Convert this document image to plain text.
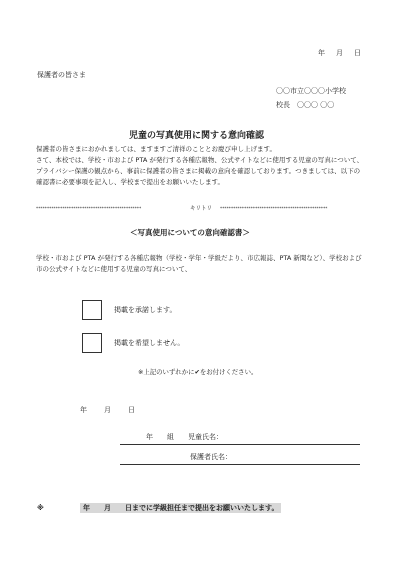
年　月　日
保護者の皆さま
〇〇市立〇〇〇小学校
校長　〇〇〇 〇〇
児童の写真使用に関する意向確認
保護者の皆さまにおかれましては、ますますご清祥のこととお慶び申し上げます。
さて、本校では、学校・市および PTA が発行する各種広報物、公式サイトなどに使用する児童の写真について、プライバシー保護の観点から、事前に保護者の皆さまに掲載の意向を確認しております。つきましては、以下の確認書に必要事項を記入し、学校まで提出をお願いいたします。
************************************************	キリトリ *************************************************
＜写真使用についての意向確認書＞
学校・市および PTA が発行する各種広報物（学校・学年・学級だより、市広報誌、PTA 新聞など）、学校および市の公式サイトなどに使用する児童の写真について、
掲載を承諾します。
掲載を希望しません。
※上記のいずれかに✔をお付けください。
年　月　日
年　　組　　児童氏名：
保護者氏名：
※	年　　月　　日までに学級担任まで提出をお願いいたします。
